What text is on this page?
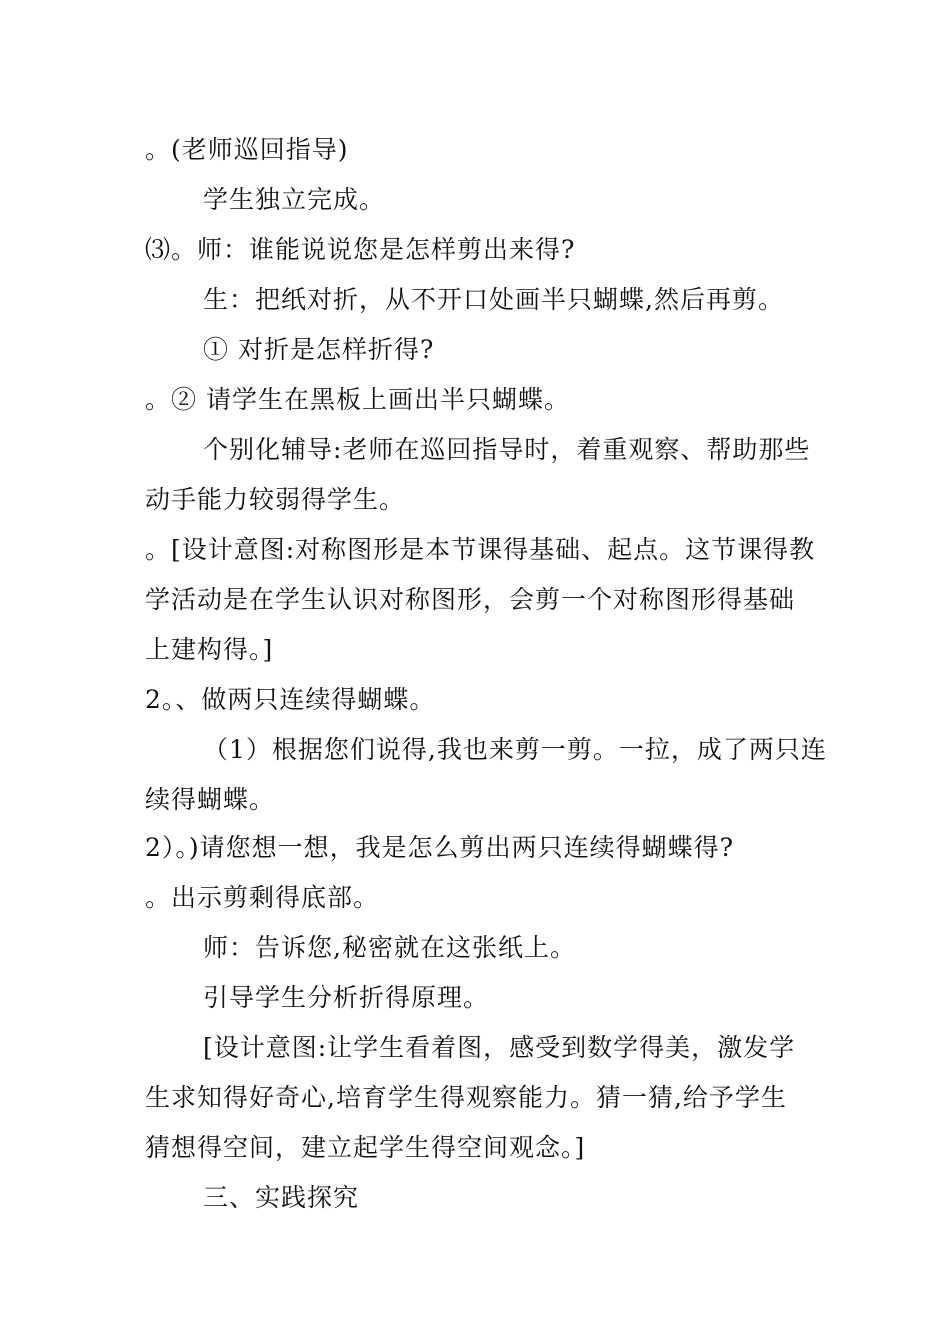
。(老师巡回指导)
学生独立完成。
⑶。师：谁能说说您是怎样剪出来得?
生：把纸对折，从不开口处画半只蝴蝶,然后再剪。
① 对折是怎样折得?
。② 请学生在黑板上画出半只蝴蝶。
个别化辅导:老师在巡回指导时，着重观察、帮助那些
动手能力较弱得学生。
。[设计意图:对称图形是本节课得基础、起点。这节课得教
学活动是在学生认识对称图形，会剪一个对称图形得基础
上建构得。]
2。、做两只连续得蝴蝶。
（1）根据您们说得,我也来剪一剪。一拉，成了两只连
续得蝴蝶。
2）。)请您想一想，我是怎么剪出两只连续得蝴蝶得?
。出示剪剩得底部。
师：告诉您,秘密就在这张纸上。
引导学生分析折得原理。
[设计意图:让学生看着图，感受到数学得美，激发学
生求知得好奇心,培育学生得观察能力。猜一猜,给予学生
猜想得空间，建立起学生得空间观念。]
三、实践探究
